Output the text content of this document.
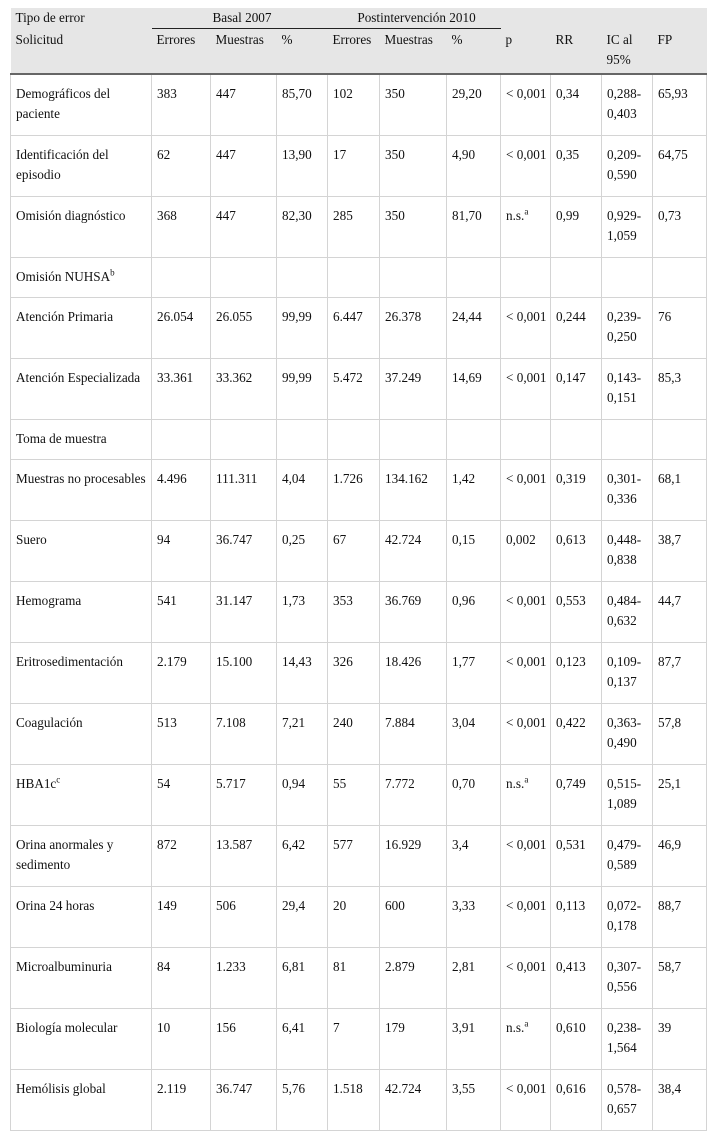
Tipo de error	Basal 2007			Postintervención 2010						

Solicitud	Errores	Muestras	%	Errores	Muestras	%	p	RR	IC al 95%	FP
Demográficos del paciente	383	447	85,70	102	350	29,20	< 0,001	0,34	0,288-0,403	65,93
Identificación del episodio	62	447	13,90	17	350	4,90	< 0,001	0,35	0,209-0,590	64,75
Omisión diagnóstico	368	447	82,30	285	350	81,70	n.s.$^a$	0,99	0,929-1,059	0,73
Omisión NUHSA$^b$										
Atención Primaria	26.054	26.055	99,99	6.447	26.378	24,44	< 0,001	0,244	0,239-0,250	76
Atención Especializada	33.361	33.362	99,99	5.472	37.249	14,69	< 0,001	0,147	0,143-0,151	85,3
Toma de muestra										
Muestras no procesables	4.496	111.311	4,04	1.726	134.162	1,42	< 0,001	0,319	0,301-0,336	68,1
Suero	94	36.747	0,25	67	42.724	0,15	0,002	0,613	0,448-0,838	38,7
Hemograma	541	31.147	1,73	353	36.769	0,96	< 0,001	0,553	0,484-0,632	44,7
Eritrosedimentación	2.179	15.100	14,43	326	18.426	1,77	< 0,001	0,123	0,109-0,137	87,7
Coagulación	513	7.108	7,21	240	7.884	3,04	< 0,001	0,422	0,363-0,490	57,8
$HBA1c^c$	54	5.717	0,94	55	7.772	0,70	n.s.$^a$	0,749	0,515-1,089	25,1
Orina anormales y sedimento	872	13.587	6,42	577	16.929	3,4	< 0,001	0,531	0,479-0,589	46,9
Orina 24 horas	149	506	29,4	20	600	3,33	< 0,001	0,113	0,072-0,178	88,7
Microalbuminuria	84	1.233	6,81	81	2.879	2,81	< 0,001	0,413	0,307-0,556	58,7
Biología molecular	10	156	6,41	7	179	3,91	n.s.$^a$	0,610	0,238-1,564	39
Hemólisis global	2.119	36.747	5,76	1.518	42.724	3,55	< 0,001	0,616	0,578-0,657	38,4
